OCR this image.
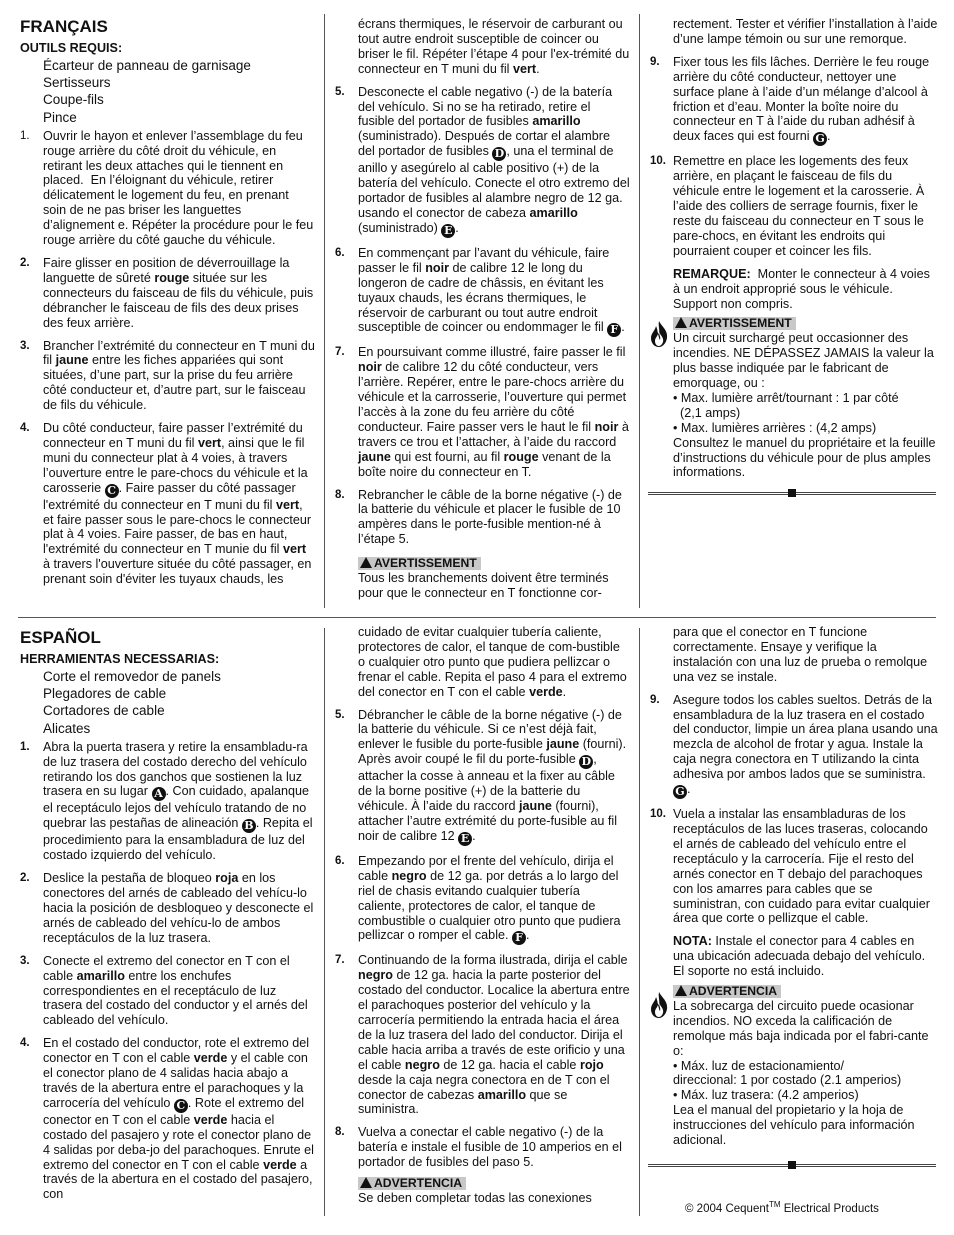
FRANÇAIS
OUTILS REQUIS:
Écarteur de panneau de garnisage
Sertisseurs
Coupe-fils
Pince
1.	Ouvrir le hayon et enlever l’assemblage du feu rouge arrière du côté droit du véhicule, en retirant les deux attaches qui le tiennent en placed.  En l’éloignant du véhicule, retirer délicatement le logement du feu, en prenant soin de ne pas briser les languettes d’alignement e. Répéter la procédure pour le feu rouge arrière du côté gauche du véhicule.
2.	Faire glisser en position de déverrouillage la languette de sûreté rouge située sur les connecteurs du faisceau de fils du véhicule, puis débrancher le faisceau de fils des deux prises des feux arrière.
3.	Brancher l’extrémité du connecteur en T muni du fil jaune entre les fiches appariées qui sont situées, d’une part, sur la prise du feu arrière côté conducteur et, d’autre part, sur le faisceau de fils du véhicule.
4.	Du côté conducteur, faire passer l’extrémité du connecteur en T muni du fil vert, ainsi que le fil muni du connecteur plat à 4 voies, à travers l’ouverture entre le pare-chocs du véhicule et la carosserie C . Faire passer du côté passager l'extrémité du connecteur en T muni du fil vert, et faire passer sous le pare-chocs le connecteur plat à 4 voies. Faire passer, de bas en haut, l'extrémité du connecteur en T munie du fil vert à travers l'ouverture située du côté passager, en prenant soin d'éviter les tuyaux chauds, les
écrans thermiques, le réservoir de carburant ou tout autre endroit susceptible de coincer ou briser le fil. Répéter l’étape 4 pour l'ex-trémité du connecteur en T muni du fil vert.
5.	Desconecte el cable negativo (-) de la batería del vehículo. Si no se ha retirado, retire el fusible del portador de fusibles amarillo (suministrado). Después de cortar el alambre del portador de fusibles D , una el terminal de anillo y asegúrelo al cable positivo (+) de la batería del vehículo. Conecte el otro extremo del portador de fusibles al alambre negro de 12 ga. usando el conector de cabeza amarillo (suministrado) E .
6.	En commençant par l’avant du véhicule, faire passer le fil noir de calibre 12 le long du longeron de cadre de châssis, en évitant les tuyaux chauds, les écrans thermiques, le réservoir de carburant ou tout autre endroit susceptible de coincer ou endommager le fil F .
7.	En poursuivant comme illustré, faire passer le fil noir de calibre 12 du côté conducteur, vers l’arrière. Repérer, entre le pare-chocs arrière du véhicule et la carrosserie, l’ouverture qui permet l’accès à la zone du feu arrière du côté conducteur. Faire passer vers le haut le fil noir à travers ce trou et l’attacher, à l’aide du raccord jaune qui est fourni, au fil rouge venant de la boîte noire du connecteur en T.
8.	Rebrancher le câble de la borne négative (-) de la batterie du véhicule et placer le fusible de 10 ampères dans le porte-fusible mention-né à l’étape 5.
AVERTISSEMENT
Tous les branchements doivent être terminés pour que le connecteur en T fonctionne cor-
rectement. Tester et vérifier l’installation à l’aide d’une lampe témoin ou sur une remorque.
9.	Fixer tous les fils lâches. Derrière le feu rouge arrière du côté conducteur, nettoyer une surface plane à l’aide d’un mélange d’alcool à friction et d’eau. Monter la boîte noire du connecteur en T à l’aide du ruban adhésif à deux faces qui est fourni G .
10. Remettre en place les logements des feux arrière, en plaçant le faisceau de fils du véhicule entre le logement et la carosserie. À l’aide des colliers de serrage fournis, fixer le reste du faisceau du connecteur en T sous le pare-chocs, en évitant les endroits qui pourraient couper et coincer les fils.
REMARQUE:  Monter le connecteur à 4 voies à un endroit approprié sous le véhicule. Support non compris.
AVERTISSEMENT
Un circuit surchargé peut occasionner des incendies. NE DÉPASSEZ JAMAIS la valeur la plus basse indiquée par le fabricant de emorquage, ou :
• Max. lumière arrêt/tournant : 1 par côté
(2,1 amps)
• Max. lumières arrières : (4,2 amps)
Consultez le manuel du propriétaire et la feuille d’instructions du véhicule pour de plus amples informations.
ESPAÑOL
HERRAMIENTAS NECESSARIAS:
Corte el removedor de panels
Plegadores de cable
Cortadores de cable
Alicates
1.	Abra la puerta trasera y retire la ensambladu-ra de luz trasera del costado derecho del vehículo retirando los dos ganchos que sostienen la luz trasera en su lugar A . Con cuidado, apalanque el receptáculo lejos del vehículo tratando de no quebrar las pestañas de alineación B . Repita el procedimiento para la ensambladura de luz del costado izquierdo del vehículo.
2.	Deslice la pestaña de bloqueo roja en los conectores del arnés de cableado del vehícu-lo hacia la posición de desbloqueo y desconecte el arnés de cableado del vehícu-lo de ambos receptáculos de la luz trasera.
3.	Conecte el extremo del conector en T con el cable amarillo entre los enchufes correspondientes en el receptáculo de luz trasera del costado del conductor y el arnés del cableado del vehículo.
4.	En el costado del conductor, rote el extremo del conector en T con el cable verde y el cable con el conector plano de 4 salidas hacia abajo a través de la abertura entre el parachoques y la carrocería del vehículo C . Rote el extremo del conector en T con el cable verde hacia el costado del pasajero y rote el conector plano de 4 salidas por deba-jo del parachoques. Enrute el extremo del conector en T con el cable verde a través de la abertura en el costado del pasajero, con
cuidado de evitar cualquier tubería caliente, protectores de calor, el tanque de com-bustible o cualquier otro punto que pudiera pellizcar o frenar el cable. Repita el paso 4 para el extremo del conector en T con el cable verde.
5.	Débrancher le câble de la borne négative (-) de la batterie du véhicule. Si ce n’est déjà fait, enlever le fusible du porte-fusible jaune (fourni). Après avoir coupé le fil du porte-fusible D , attacher la cosse à anneau et la fixer au câble de la borne positive (+) de la batterie du véhicule. À l’aide du raccord jaune (fourni), attacher l’autre extrémité du porte-fusible au fil noir de calibre 12 E .
6.	Empezando por el frente del vehículo, dirija el cable negro de 12 ga. por detrás a lo largo del riel de chasis evitando cualquier tubería caliente, protectores de calor, el tanque de combustible o cualquier otro punto que pudiera pellizcar o romper el cable. F .
7.	Continuando de la forma ilustrada, dirija el cable negro de 12 ga. hacia la parte posterior del costado del conductor. Localice la abertura entre el parachoques posterior del vehículo y la carrocería permitiendo la entrada hacia el área de la luz trasera del lado del conductor. Dirija el cable hacia arriba a través de este orificio y una el cable negro de 12 ga. hacia el cable rojo desde la caja negra conectora en de T con el conector de cabezas amarillo que se suministra.
8.	Vuelva a conectar el cable negativo (-) de la batería e instale el fusible de 10 amperios en el portador de fusibles del paso 5.
ADVERTENCIA
Se deben completar todas las conexiones
para que el conector en T funcione correctamente. Ensaye y verifique la instalación con una luz de prueba o remolque una vez se instale.
9.	Asegure todos los cables sueltos. Detrás de la ensambladura de la luz trasera en el costado del conductor, limpie un área plana usando una mezcla de alcohol de frotar y agua. Instale la caja negra conectora en T utilizando la cinta adhesiva por ambos lados que se suministra. G .
10. Vuela a instalar las ensambladuras de los receptáculos de las luces traseras, colocando el arnés de cableado del vehículo entre el receptáculo y la carrocería. Fije el resto del arnés conector en T debajo del parachoques con los amarres para cables que se suministran, con cuidado para evitar cualquier área que corte o pellizque el cable.
NOTA: Instale el conector para 4 cables en una ubicación adecuada debajo del vehículo. El soporte no está incluido.
ADVERTENCIA
La sobrecarga del circuito puede ocasionar incendios. NO exceda la calificación de remolque más baja indicada por el fabri-cante o:
• Máx. luz de estacionamiento/
direccional: 1 por costado (2.1 amperios)
• Máx. luz trasera: (4.2 amperios)
Lea el manual del propietario y la hoja de instrucciones del vehículo para información adicional.
© 2004 Cequent™ Electrical Products
